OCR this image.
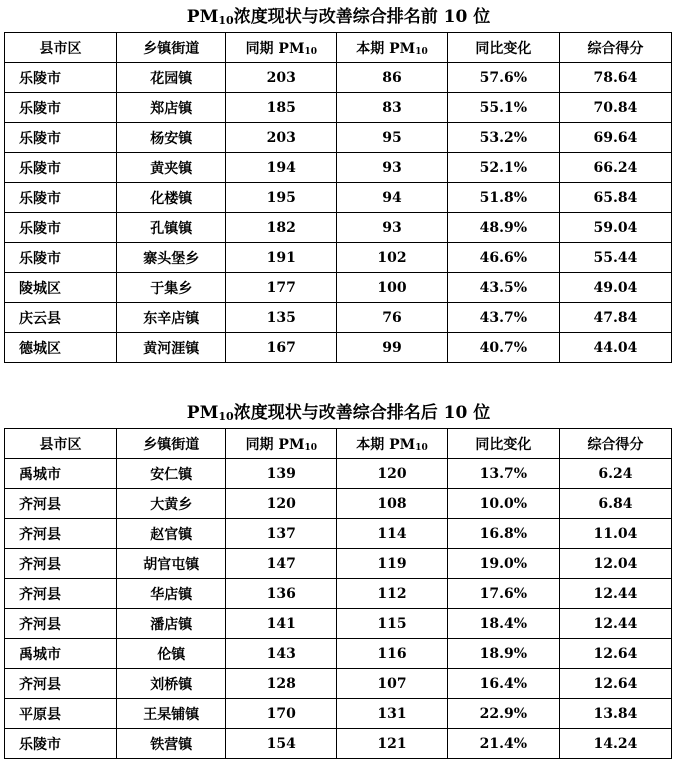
$PM_{10}$浓度现状与改善综合排名前 10 位
县市区	乡镇街道	同期 $PM_{10}$	本期 $PM_{10}$	同比变化	综合得分
乐陵市	花园镇	203	86	57.6%	78.64
乐陵市	郑店镇	185	83	55.1%	70.84
乐陵市	杨安镇	203	95	53.2%	69.64
乐陵市	黄夹镇	194	93	52.1%	66.24
乐陵市	化楼镇	195	94	51.8%	65.84
乐陵市	孔镇镇	182	93	48.9%	59.04
乐陵市	寨头堡乡	191	102	46.6%	55.44
陵城区	于集乡	177	100	43.5%	49.04
庆云县	东辛店镇	135	76	43.7%	47.84
德城区	黄河涯镇	167	99	40.7%	44.04
$PM_{10}$浓度现状与改善综合排名后 10 位
县市区	乡镇街道	同期 $PM_{10}$	本期 $PM_{10}$	同比变化	综合得分
禹城市	安仁镇	139	120	13.7%	6.24
齐河县	大黄乡	120	108	10.0%	6.84
齐河县	赵官镇	137	114	16.8%	11.04
齐河县	胡官屯镇	147	119	19.0%	12.04
齐河县	华店镇	136	112	17.6%	12.44
齐河县	潘店镇	141	115	18.4%	12.44
禹城市	伦镇	143	116	18.9%	12.64
齐河县	刘桥镇	128	107	16.4%	12.64
平原县	王杲铺镇	170	131	22.9%	13.84
乐陵市	铁营镇	154	121	21.4%	14.24
